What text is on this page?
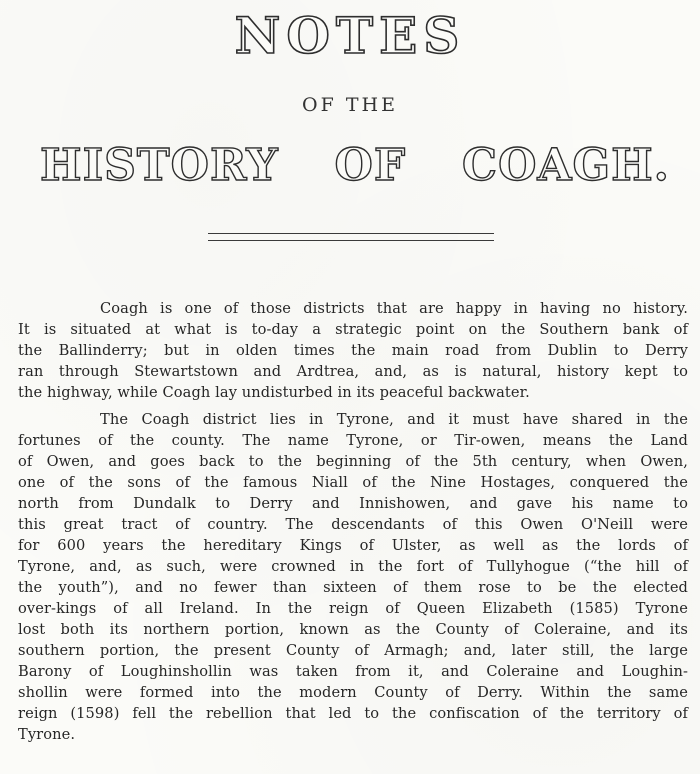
NOTES
OF THE
HISTORY OF COAGH.
Coagh is one of those districts that are happy in having no history.
It is situated at what is to-day a strategic point on the Southern bank of
the Ballinderry; but in olden times the main road from Dublin to Derry
ran through Stewartstown and Ardtrea, and, as is natural, history kept to
the highway, while Coagh lay undisturbed in its peaceful backwater.
The Coagh district lies in Tyrone, and it must have shared in the
fortunes of the county. The name Tyrone, or Tir-owen, means the Land
of Owen, and goes back to the beginning of the 5th century, when Owen,
one of the sons of the famous Niall of the Nine Hostages, conquered the
north from Dundalk to Derry and Innishowen, and gave his name to
this great tract of country. The descendants of this Owen O'Neill were
for 600 years the hereditary Kings of Ulster, as well as the lords of
Tyrone, and, as such, were crowned in the fort of Tullyhogue (“the hill of
the youth”), and no fewer than sixteen of them rose to be the elected
over-kings of all Ireland. In the reign of Queen Elizabeth (1585) Tyrone
lost both its northern portion, known as the County of Coleraine, and its
southern portion, the present County of Armagh; and, later still, the large
Barony of Loughinshollin was taken from it, and Coleraine and Loughin-
shollin were formed into the modern County of Derry. Within the same
reign (1598) fell the rebellion that led to the confiscation of the territory of
Tyrone.
